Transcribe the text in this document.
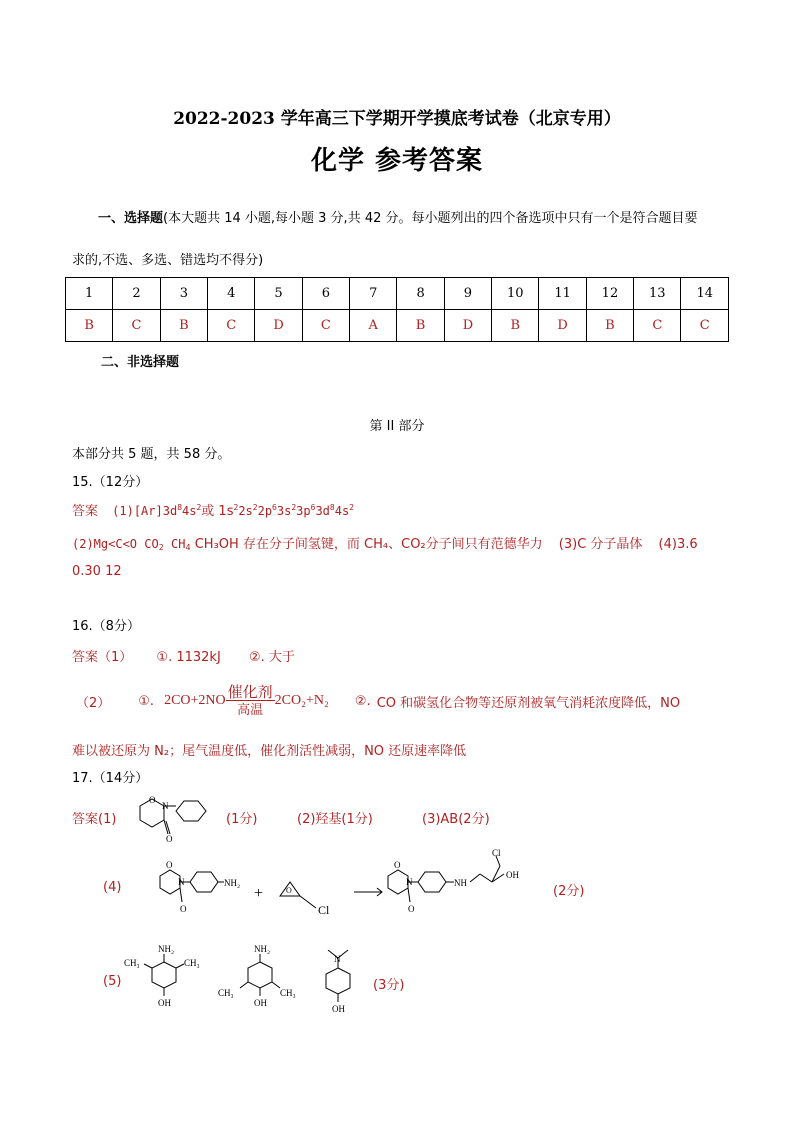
2022-2023 学年高三下学期开学摸底考试卷（北京专用）
化学 参考答案
一、选择题(本大题共 14 小题,每小题 3 分,共 42 分。每小题列出的四个备选项中只有一个是符合题目要
求的,不选、多选、错选均不得分)
1	2	3	4	5	6	7	8	9	10	11	12	13	14
B	C	B	C	D	C	A	B	D	B	D	B	C	C
二、非选择题
第 II 部分
本部分共 5 题，共 58 分。
15.（12分）
答案 $(1)[Ar]3d^84s^2$或 $1s^22s^22p^63s^23p^63d^84s^2$
(2)Mg<C<O $CO_2$ $CH_4$ CH₃OH 存在分子间氢键，而 CH₄、CO₂分子间只有范德华力 (3)C 分子晶体 (4)3.6
0.30 12
16.（8分）
答案（1） ①. 1132kJ ②. 大于
（2） ①. $2CO+2NO \frac{\text{催化剂}}{\text{高温}} 2CO_2+N_2$ ②. CO 和碳氢化合物等还原剂被氧气消耗浓度降低，NO
难以被还原为 N₂；尾气温度低，催化剂活性减弱，NO 还原速率降低
17.（14分）
答案(1)
O
N
O
(1分)	(2)羟基(1分)	(3)AB(2分)
(4)
O
N
O
NH₂
+	O
Cl
O
N
O
NH
OH
Cl
(2分)
(5)
NH₂
CH₃	CH₃
OH
NH₂
CH₃	CH₃
OH
N
OH
(3分)
